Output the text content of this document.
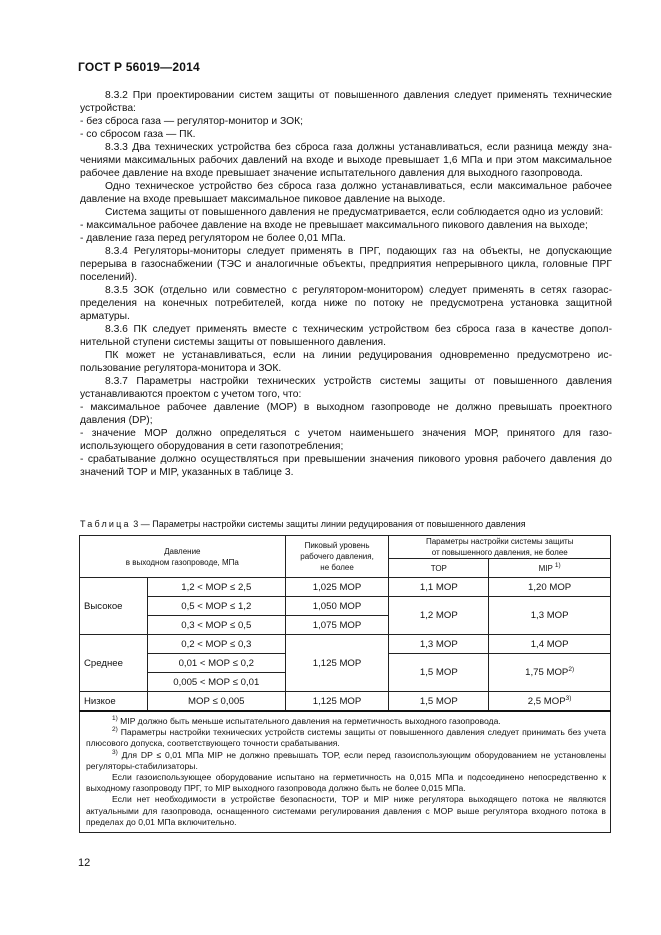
ГОСТ Р 56019—2014

8.3.2 При проектировании систем защиты от повышенного давления следует применять технические устройства:

- без сброса газа — регулятор-монитор и ЗОК;

- со сбросом газа — ПК.

8.3.3 Два технических устройства без сброса газа должны устанавливаться, если разница между значениями максимальных рабочих давлений на входе и выходе превышает 1,6 МПа и при этом максимальное рабочее давление на входе превышает значение испытательного давления для выходного газопровода.

Одно техническое устройство без сброса газа должно устанавливаться, если максимальное рабочее давление на входе превышает максимальное пиковое давление на выходе.

Система защиты от повышенного давления не предусматривается, если соблюдается одно из условий:

- максимальное рабочее давление на входе не превышает максимального пикового давления на выходе;

- давление газа перед регулятором не более 0,01 МПа.

8.3.4 Регуляторы-мониторы следует применять в ПРГ, подающих газ на объекты, не допускающие перерыва в газоснабжении (ТЭС и аналогичные объекты, предприятия непрерывного цикла, головные ПРГ поселений).

8.3.5 ЗОК (отдельно или совместно с регулятором-монитором) следует применять в сетях газораспределения на конечных потребителей, когда ниже по потоку не предусмотрена установка защитной арматуры.

8.3.6 ПК следует применять вместе с техническим устройством без сброса газа в качестве дополнительной ступени системы защиты от повышенного давления.

ПК может не устанавливаться, если на линии редуцирования одновременно предусмотрено использование регулятора-монитора и ЗОК.

8.3.7 Параметры настройки технических устройств системы защиты от повышенного давления устанавливаются проектом с учетом того, что:

- максимальное рабочее давление (МОР) в выходном газопроводе не должно превышать проектного давления (DP);

- значение МОР должно определяться с учетом наименьшего значения МОР, принятого для газоиспользующего оборудования в сети газопотребления;

- срабатывание должно осуществляться при превышении значения пикового уровня рабочего давления до значений ТОР и MIP, указанных в таблице 3.

Таблица 3 — Параметры настройки системы защиты линии редуцирования от повышенного давления
Давление
в выходном газопроводе, МПа		Пиковый уровень
рабочего давления,
не более	Параметры настройки системы защиты
от повышенного давления, не более	
			ТОР	MIP $^{1)}$
Высокое	1,2 < МОР ≤ 2,5	1,025 МОР	1,1 МОР	1,20 МОР
	0,5 < МОР ≤ 1,2	1,050 МОР	1,2 МОР	1,3 МОР
	0,3 < МОР ≤ 0,5	1,075 МОР		
Среднее	0,2 < МОР ≤ 0,3	1,125 МОР	1,3 МОР	1,4 МОР
	0,01 < МОР ≤ 0,2		1,5 МОР	1,75 МОР$^{2)}$
	0,005 < МОР ≤ 0,01			
Низкое	МОР ≤ 0,005	1,125 МОР	1,5 МОР	2,5 МОР$^{3)}$

$^{1)}$ MIP должно быть меньше испытательного давления на герметичность выходного газопровода.

$^{2)}$ Параметры настройки технических устройств системы защиты от повышенного давления следует принимать без учета плюсового допуска, соответствующего точности срабатывания.

$^{3)}$ Для DP ≤ 0,01 МПа MIP не должно превышать ТОР, если перед газоиспользующим оборудованием не установлены регуляторы-стабилизаторы.

Если газоиспользующее оборудование испытано на герметичность на 0,015 МПа и подсоединено непосредственно к выходному газопроводу ПРГ, то MIP выходного газопровода должно быть не более 0,015 МПа.

Если нет необходимости в устройстве безопасности, ТОР и MIP ниже регулятора выходящего потока не являются актуальными для газопровода, оснащенного системами регулирования давления с МОР выше регулятора входного потока в пределах до 0,01 МПа включительно.				

12
